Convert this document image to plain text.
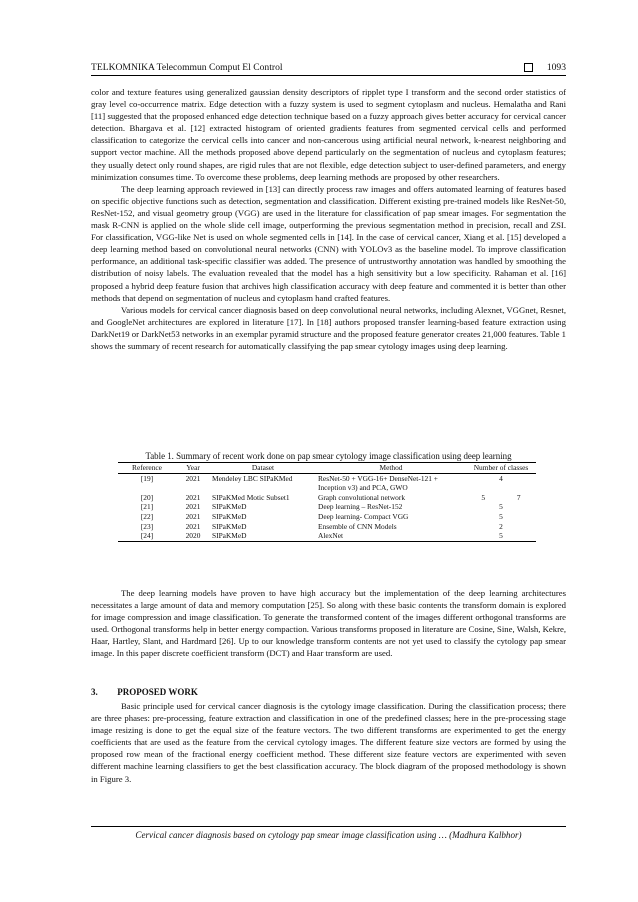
TELKOMNIKA Telecommun Comput El Control	1093

color and texture features using generalized gaussian density descriptors of ripplet type I transform and the second order statistics of gray level co-occurrence matrix. Edge detection with a fuzzy system is used to segment cytoplasm and nucleus. Hemalatha and Rani [11] suggested that the proposed enhanced edge detection technique based on a fuzzy approach gives better accuracy for cervical cancer detection. Bhargava et al. [12] extracted histogram of oriented gradients features from segmented cervical cells and performed classification to categorize the cervical cells into cancer and non-cancerous using artificial neural network, k-nearest neighboring and support vector machine. All the methods proposed above depend particularly on the segmentation of nucleus and cytoplasm features; they usually detect only round shapes, are rigid rules that are not flexible, edge detection subject to user-defined parameters, and energy minimization consumes time. To overcome these problems, deep learning methods are proposed by other researchers.

The deep learning approach reviewed in [13] can directly process raw images and offers automated learning of features based on specific objective functions such as detection, segmentation and classification. Different existing pre-trained models like ResNet-50, ResNet-152, and visual geometry group (VGG) are used in the literature for classification of pap smear images. For segmentation the mask R-CNN is applied on the whole slide cell image, outperforming the previous segmentation method in precision, recall and ZSI. For classification, VGG-like Net is used on whole segmented cells in [14]. In the case of cervical cancer, Xiang et al. [15] developed a deep learning method based on convolutional neural networks (CNN) with YOLOv3 as the baseline model. To improve classification performance, an additional task-specific classifier was added. The presence of untrustworthy annotation was handled by smoothing the distribution of noisy labels. The evaluation revealed that the model has a high sensitivity but a low specificity. Rahaman et al. [16] proposed a hybrid deep feature fusion that archives high classification accuracy with deep feature and commented it is better than other methods that depend on segmentation of nucleus and cytoplasm hand crafted features.

Various models for cervical cancer diagnosis based on deep convolutional neural networks, including Alexnet, VGGnet, Resnet, and GoogleNet architectures are explored in literature [17]. In [18] authors proposed transfer learning-based feature extraction using DarkNet19 or DarkNet53 networks in an exemplar pyramid structure and the proposed feature generator creates 21,000 features. Table 1 shows the summary of recent research for automatically classifying the pap smear cytology images using deep learning.

Table 1. Summary of recent work done on pap smear cytology image classification using deep learning
Reference	Year	Dataset	Method	Number of classes
[19]	2021	Mendeley LBC SIPaKMed	ResNet-50 + VGG-16+ DenseNet-121 + Inception v3) and PCA, GWO	4
[20]	2021	SIPaKMed Motic Subset1	Graph convolutional network	5 7
[21]	2021	SIPaKMeD	Deep learning – ResNet-152	5
[22]	2021	SIPaKMeD	Deep learning- Compact VGG	5
[23]	2021	SIPaKMeD	Ensemble of CNN Models	2
[24]	2020	SIPaKMeD	AlexNet	5

The deep learning models have proven to have high accuracy but the implementation of the deep learning architectures necessitates a large amount of data and memory computation [25]. So along with these basic contents the transform domain is explored for image compression and image classification. To generate the transformed content of the images different orthogonal transforms are used. Orthogonal transforms help in better energy compaction. Various transforms proposed in literature are Cosine, Sine, Walsh, Kekre, Haar, Hartley, Slant, and Hardmard [26]. Up to our knowledge transform contents are not yet used to classify the cytology pap smear image. In this paper discrete coefficient transform (DCT) and Haar transform are used.

3. PROPOSED WORK

Basic principle used for cervical cancer diagnosis is the cytology image classification. During the classification process; there are three phases: pre-processing, feature extraction and classification in one of the predefined classes; here in the pre-processing stage image resizing is done to get the equal size of the feature vectors. The two different transforms are experimented to get the energy coefficients that are used as the feature from the cervical cytology images. The different feature size vectors are formed by using the proposed row mean of the fractional energy coefficient method. These different size feature vectors are experimented with seven different machine learning classifiers to get the best classification accuracy. The block diagram of the proposed methodology is shown in Figure 3.

Cervical cancer diagnosis based on cytology pap smear image classification using … (Madhura Kalbhor)
